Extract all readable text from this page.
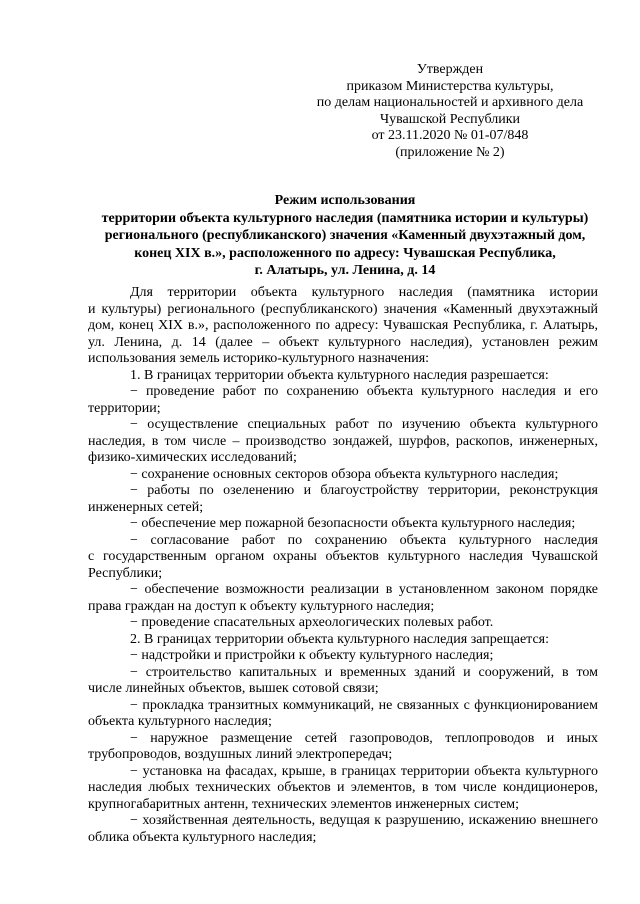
Утвержден
приказом Министерства культуры,
по делам национальностей и архивного дела
Чувашской Республики
от 23.11.2020 № 01-07/848
(приложение № 2)
Режим использования
территории объекта культурного наследия (памятника истории и культуры)
регионального (республиканского) значения «Каменный двухэтажный дом,
конец XIX в.», расположенного по адресу: Чувашская Республика,
г. Алатырь, ул. Ленина, д. 14
Для территории объекта культурного наследия (памятника истории
и культуры) регионального (республиканского) значения «Каменный двухэтажный
дом, конец XIX в.», расположенного по адресу: Чувашская Республика, г. Алатырь,
ул. Ленина, д. 14 (далее – объект культурного наследия), установлен режим
использования земель историко-культурного назначения:
1. В границах территории объекта культурного наследия разрешается:
− проведение работ по сохранению объекта культурного наследия и его
территории;
− осуществление специальных работ по изучению объекта культурного
наследия, в том числе – производство зондажей, шурфов, раскопов, инженерных,
физико-химических исследований;
− сохранение основных секторов обзора объекта культурного наследия;
− работы по озеленению и благоустройству территории, реконструкция
инженерных сетей;
− обеспечение мер пожарной безопасности объекта культурного наследия;
− согласование работ по сохранению объекта культурного наследия
с государственным органом охраны объектов культурного наследия Чувашской
Республики;
− обеспечение возможности реализации в установленном законом порядке
права граждан на доступ к объекту культурного наследия;
− проведение спасательных археологических полевых работ.
2. В границах территории объекта культурного наследия запрещается:
− надстройки и пристройки к объекту культурного наследия;
− строительство капитальных и временных зданий и сооружений, в том
числе линейных объектов, вышек сотовой связи;
− прокладка транзитных коммуникаций, не связанных с функционированием
объекта культурного наследия;
− наружное размещение сетей газопроводов, теплопроводов и иных
трубопроводов, воздушных линий электропередач;
− установка на фасадах, крыше, в границах территории объекта культурного
наследия любых технических объектов и элементов, в том числе кондиционеров,
крупногабаритных антенн, технических элементов инженерных систем;
− хозяйственная деятельность, ведущая к разрушению, искажению внешнего
облика объекта культурного наследия;
